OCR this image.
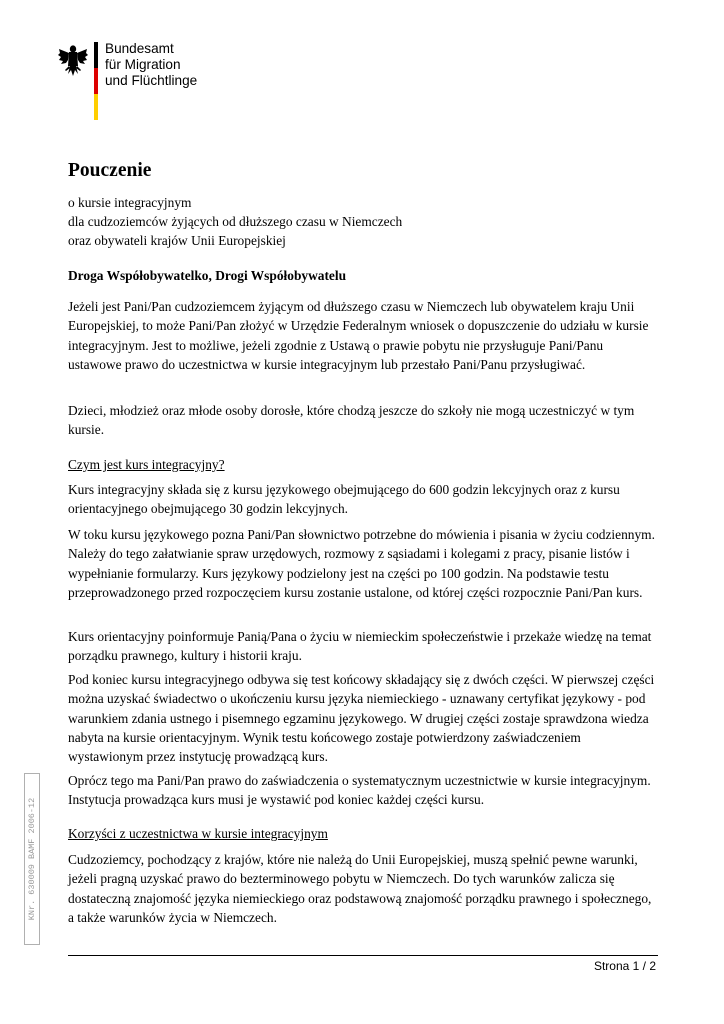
Bundesamt
für Migration
und Flüchtlinge
Pouczenie
o kursie integracyjnym
dla cudzoziemców żyjących od dłuższego czasu w Niemczech
oraz obywateli krajów Unii Europejskiej
Droga Współobywatelko, Drogi Współobywatelu

Jeżeli jest Pani/Pan cudzoziemcem żyjącym od dłuższego czasu w Niemczech lub obywatelem kraju Unii Europejskiej, to może Pani/Pan złożyć w Urzędzie Federalnym wniosek o dopuszczenie do udziału w kursie integracyjnym. Jest to możliwe, jeżeli zgodnie z Ustawą o prawie pobytu nie przysługuje Pani/Panu ustawowe prawo do uczestnictwa w kursie integracyjnym lub przestało Pani/Panu przysługiwać.

Dzieci, młodzież oraz młode osoby dorosłe, które chodzą jeszcze do szkoły nie mogą uczestniczyć w tym kursie.

Czym jest kurs integracyjny?

Kurs integracyjny składa się z kursu językowego obejmującego do 600 godzin lekcyjnych oraz z kursu orientacyjnego obejmującego 30 godzin lekcyjnych.

W toku kursu językowego pozna Pani/Pan słownictwo potrzebne do mówienia i pisania w życiu codziennym. Należy do tego załatwianie spraw urzędowych, rozmowy z sąsiadami i kolegami z pracy, pisanie listów i wypełnianie formularzy. Kurs językowy podzielony jest na części po 100 godzin. Na podstawie testu przeprowadzonego przed rozpoczęciem kursu zostanie ustalone, od której części rozpocznie Pani/Pan kurs.

Kurs orientacyjny poinformuje Panią/Pana o życiu w niemieckim społeczeństwie i przekaże wiedzę na temat porządku prawnego, kultury i historii kraju.

Pod koniec kursu integracyjnego odbywa się test końcowy składający się z dwóch części. W pierwszej części można uzyskać świadectwo o ukończeniu kursu języka niemieckiego - uznawany certyfikat językowy - pod warunkiem zdania ustnego i pisemnego egzaminu językowego. W drugiej części zostaje sprawdzona wiedza nabyta na kursie orientacyjnym. Wynik testu końcowego zostaje potwierdzony zaświadczeniem wystawionym przez instytucję prowadzącą kurs.

Oprócz tego ma Pani/Pan prawo do zaświadczenia o systematycznym uczestnictwie w kursie integracyjnym. Instytucja prowadząca kurs musi je wystawić pod koniec każdej części kursu.

Korzyści z uczestnictwa w kursie integracyjnym

Cudzoziemcy, pochodzący z krajów, które nie należą do Unii Europejskiej, muszą spełnić pewne warunki, jeżeli pragną uzyskać prawo do bezterminowego pobytu w Niemczech. Do tych warunków zalicza się dostateczną znajomość języka niemieckiego oraz podstawową znajomość porządku prawnego i społecznego, a także warunków życia w Niemczech.

KNr. 630009 BAMF 2006-12
Strona 1 / 2
